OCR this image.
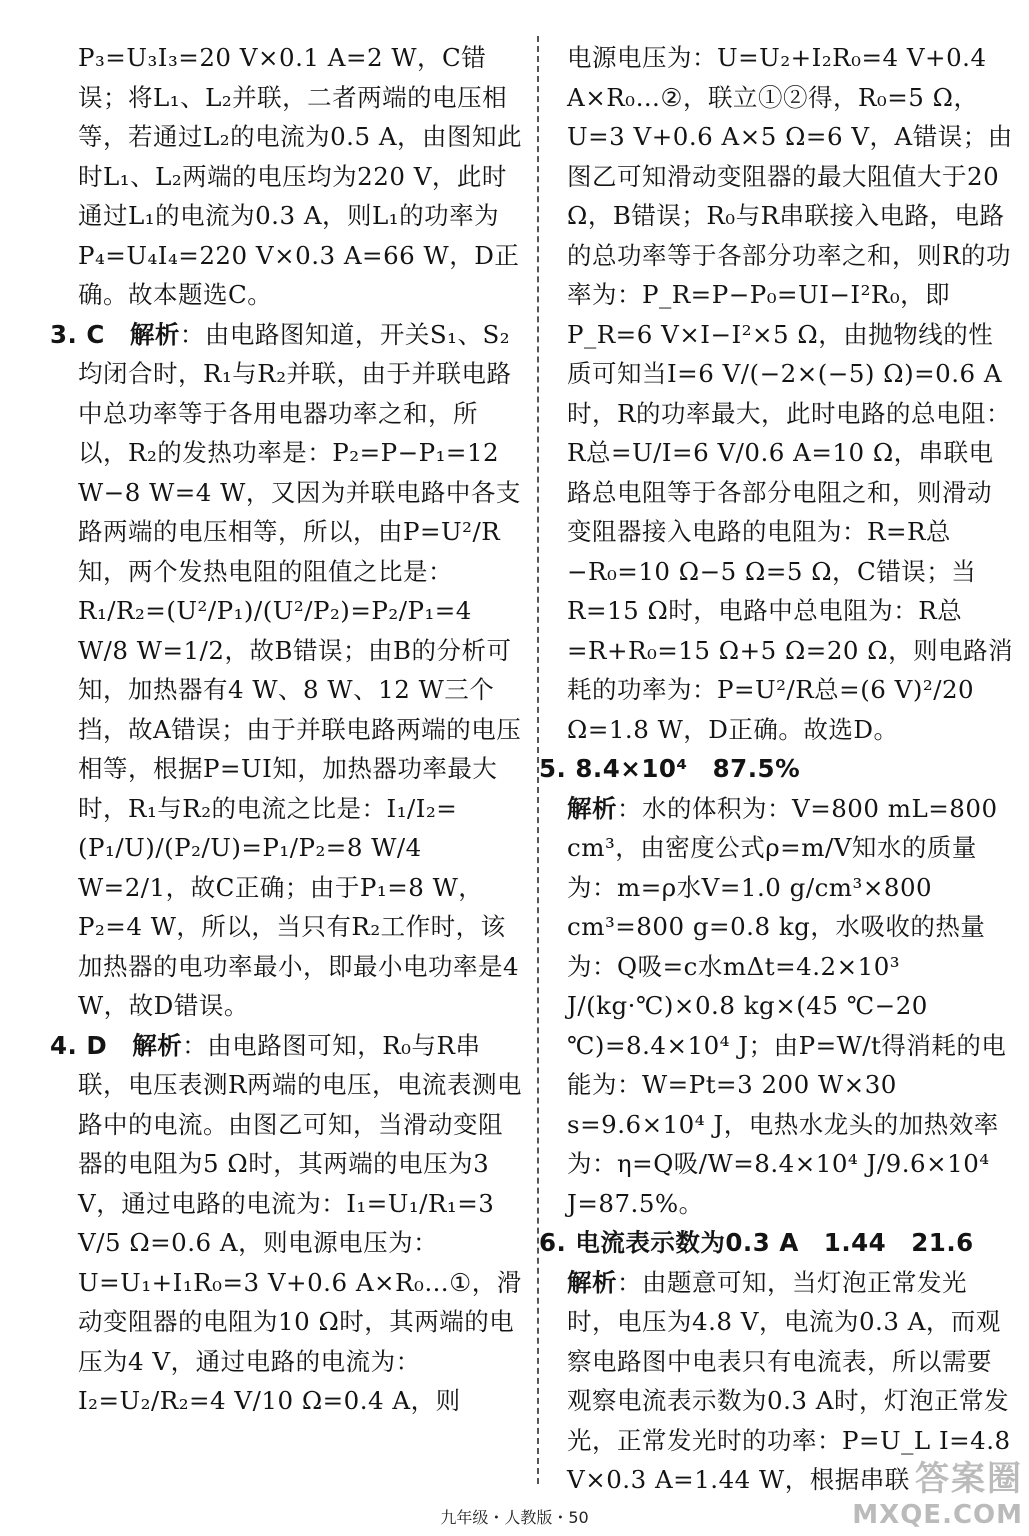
P₃=U₃I₃=20 V×0.1 A=2 W，C错误；将L₁、L₂并联，二者两端的电压相等，若通过L₂的电流为0.5 A，由图知此时L₁、L₂两端的电压均为220 V，此时通过L₁的电流为0.3 A，则L₁的功率为P₄=U₄I₄=220 V×0.3 A=66 W，D正确。故本题选C。

3. C　 解析：由电路图知道，开关S₁、S₂均闭合时，R₁与R₂并联，由于并联电路中总功率等于各用电器功率之和，所以，R₂的发热功率是：P₂=P−P₁=12 W−8 W=4 W，又因为并联电路中各支路两端的电压相等，所以，由P=U²/R知，两个发热电阻的阻值之比是：R₁/R₂=(U²/P₁)/(U²/P₂)=P₂/P₁=4 W/8 W=1/2，故B错误；由B的分析可知，加热器有4 W、8 W、12 W三个挡，故A错误；由于并联电路两端的电压相等，根据P=UI知，加热器功率最大时，R₁与R₂的电流之比是：I₁/I₂=(P₁/U)/(P₂/U)=P₁/P₂=8 W/4 W=2/1，故C正确；由于P₁=8 W，P₂=4 W，所以，当只有R₂工作时，该加热器的电功率最小，即最小电功率是4 W，故D错误。

4. D　 解析：由电路图可知，R₀与R串联，电压表测R两端的电压，电流表测电路中的电流。由图乙可知，当滑动变阻器的电阻为5 Ω时，其两端的电压为3 V，通过电路的电流为：I₁=U₁/R₁=3 V/5 Ω=0.6 A，则电源电压为：U=U₁+I₁R₀=3 V+0.6 A×R₀…①，滑动变阻器的电阻为10 Ω时，其两端的电压为4 V，通过电路的电流为：I₂=U₂/R₂=4 V/10 Ω=0.4 A，则

电源电压为：U=U₂+I₂R₀=4 V+0.4 A×R₀…②，联立①②得，R₀=5 Ω，U=3 V+0.6 A×5 Ω=6 V，A错误；由图乙可知滑动变阻器的最大阻值大于20 Ω，B错误；R₀与R串联接入电路，电路的总功率等于各部分功率之和，则R的功率为：P_R=P−P₀=UI−I²R₀，即P_R=6 V×I−I²×5 Ω，由抛物线的性质可知当I=6 V/(−2×(−5) Ω)=0.6 A时，R的功率最大，此时电路的总电阻：R总=U/I=6 V/0.6 A=10 Ω，串联电路总电阻等于各部分电阻之和，则滑动变阻器接入电路的电阻为：R=R总−R₀=10 Ω−5 Ω=5 Ω，C错误；当R=15 Ω时，电路中总电阻为：R总=R+R₀=15 Ω+5 Ω=20 Ω，则电路消耗的功率为：P=U²/R总=(6 V)²/20 Ω=1.8 W，D正确。故选D。

5. 8.4×10⁴　87.5%

解析：水的体积为：V=800 mL=800 cm³，由密度公式ρ=m/V知水的质量为：m=ρ水V=1.0 g/cm³×800 cm³=800 g=0.8 kg，水吸收的热量为：Q吸=c水mΔt=4.2×10³ J/(kg·℃)×0.8 kg×(45 ℃−20 ℃)=8.4×10⁴ J；由P=W/t得消耗的电能为：W=Pt=3 200 W×30 s=9.6×10⁴ J，电热水龙头的加热效率为：η=Q吸/W=8.4×10⁴ J/9.6×10⁴ J=87.5%。

6. 电流表示数为0.3 A　1.44　21.6　解析：由题意可知，当灯泡正常发光时，电压为4.8 V，电流为0.3 A，而观察电路图中电表只有电流表，所以需要观察电流表示数为0.3 A时，灯泡正常发光，正常发光时的功率：P=U_L I=4.8 V×0.3 A=1.44 W，根据串联

九年级・人教版・50
答案圈
MXQE.COM
